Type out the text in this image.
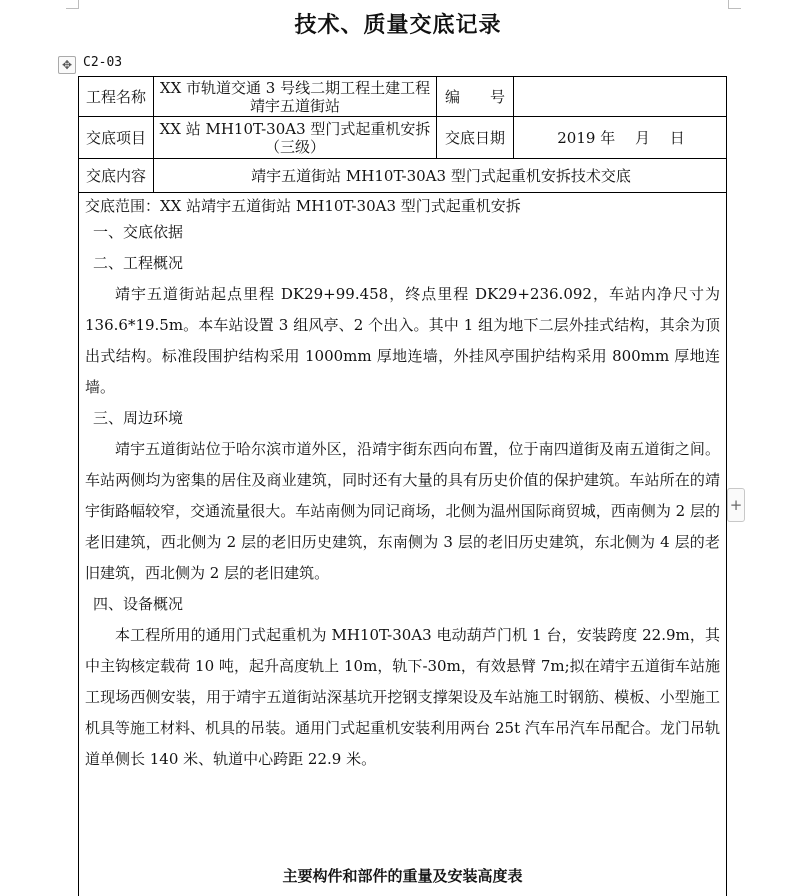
技术、质量交底记录
✥ C2-03
工程名称 XX 市轨道交通 3 号线二期工程土建工程靖宇五道街站	编　　号
交底项目 XX 站 MH10T-30A3 型门式起重机安拆（三级）	交底日期	2019 年　 月　 日
交底内容	靖宇五道街站 MH10T-30A3 型门式起重机安拆技术交底
交底范围：XX 站靖宇五道街站 MH10T-30A3 型门式起重机安拆
一、交底依据
二、工程概况
靖宇五道街站起点里程 DK29+99.458，终点里程 DK29+236.092，车站内净尺寸为 136.6*19.5m。本车站设置 3 组风亭、2 个出入。其中 1 组为地下二层外挂式结构，其余为顶出式结构。标准段围护结构采用 1000mm 厚地连墙，外挂风亭围护结构采用 800mm 厚地连墙。
三、周边环境
靖宇五道街站位于哈尔滨市道外区，沿靖宇街东西向布置，位于南四道街及南五道街之间。车站两侧均为密集的居住及商业建筑，同时还有大量的具有历史价值的保护建筑。车站所在的靖宇街路幅较窄，交通流量很大。车站南侧为同记商场，北侧为温州国际商贸城，西南侧为 2 层的老旧建筑，西北侧为 2 层的老旧历史建筑，东南侧为 3 层的老旧历史建筑，东北侧为 4 层的老旧建筑，西北侧为 2 层的老旧建筑。
四、设备概况
本工程所用的通用门式起重机为 MH10T-30A3 电动葫芦门机 1 台，安装跨度 22.9m，其中主钩核定载荷 10 吨，起升高度轨上 10m，轨下-30m，有效悬臂 7m;拟在靖宇五道街车站施工现场西侧安装，用于靖宇五道街站深基坑开挖钢支撑架设及车站施工时钢筋、模板、小型施工机具等施工材料、机具的吊装。通用门式起重机安装利用两台 25t 汽车吊汽车吊配合。龙门吊轨道单侧长 140 米、轨道中心跨距 22.9 米。
主要构件和部件的重量及安装高度表
+
